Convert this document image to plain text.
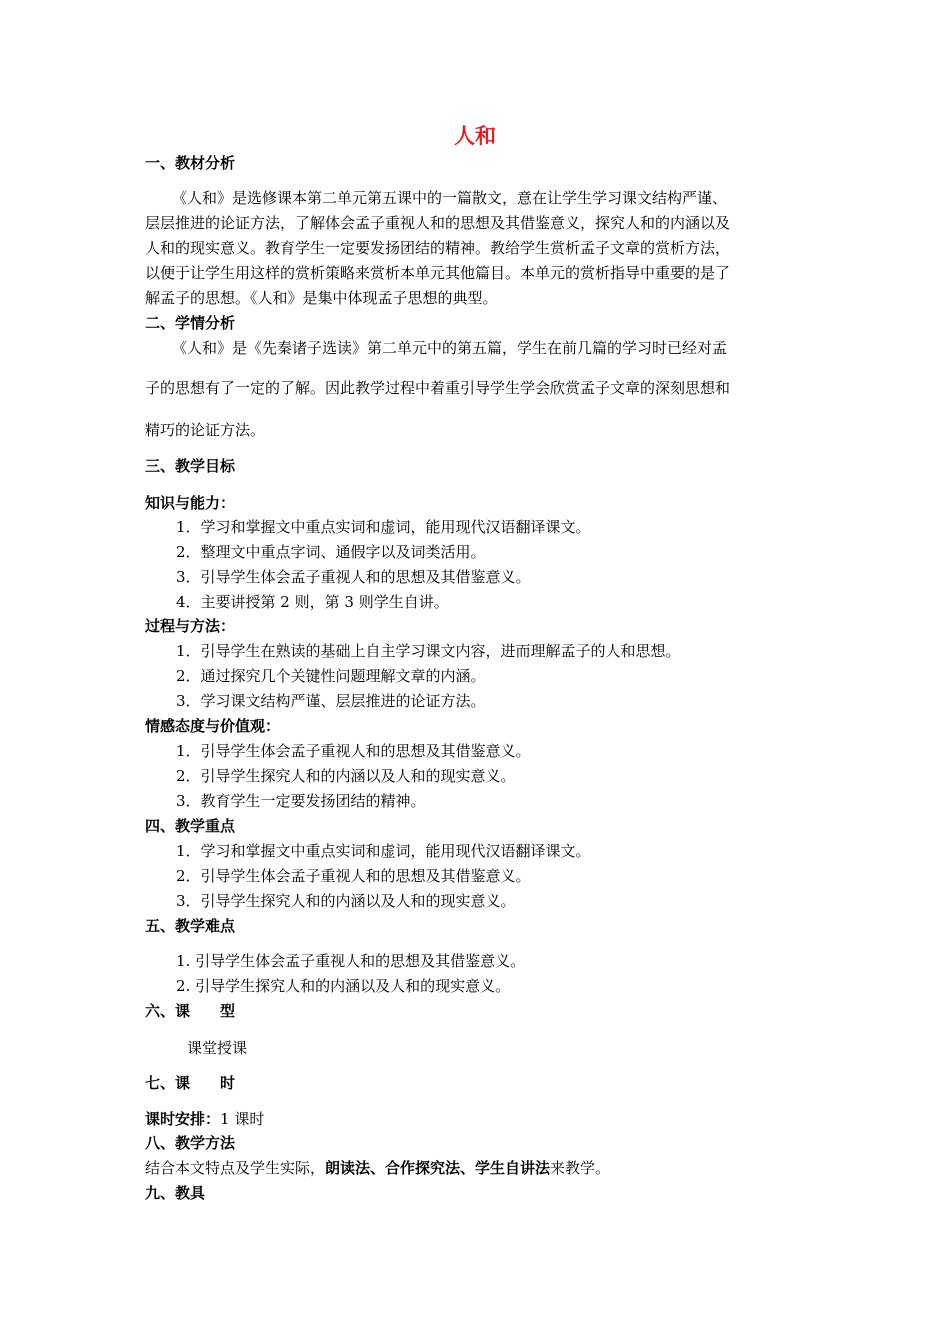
人和
一、教材分析
《人和》是选修课本第二单元第五课中的一篇散文，意在让学生学习课文结构严谨、
层层推进的论证方法，了解体会孟子重视人和的思想及其借鉴意义，探究人和的内涵以及
人和的现实意义。教育学生一定要发扬团结的精神。教给学生赏析孟子文章的赏析方法，
以便于让学生用这样的赏析策略来赏析本单元其他篇目。本单元的赏析指导中重要的是了
解孟子的思想。《人和》是集中体现孟子思想的典型。
二、学情分析
《人和》是《先秦诸子选读》第二单元中的第五篇，学生在前几篇的学习时已经对孟
子的思想有了一定的了解。因此教学过程中着重引导学生学会欣赏孟子文章的深刻思想和
精巧的论证方法。
三、教学目标
知识与能力：
1．学习和掌握文中重点实词和虚词，能用现代汉语翻译课文。
2．整理文中重点字词、通假字以及词类活用。
3．引导学生体会孟子重视人和的思想及其借鉴意义。
4．主要讲授第 2 则，第 3 则学生自讲。
过程与方法：
1．引导学生在熟读的基础上自主学习课文内容，进而理解孟子的人和思想。
2．通过探究几个关键性问题理解文章的内涵。
3．学习课文结构严谨、层层推进的论证方法。
情感态度与价值观：
1．引导学生体会孟子重视人和的思想及其借鉴意义。
2．引导学生探究人和的内涵以及人和的现实意义。
3．教育学生一定要发扬团结的精神。
四、教学重点
1．学习和掌握文中重点实词和虚词，能用现代汉语翻译课文。
2．引导学生体会孟子重视人和的思想及其借鉴意义。
3．引导学生探究人和的内涵以及人和的现实意义。
五、教学难点
1. 引导学生体会孟子重视人和的思想及其借鉴意义。
2. 引导学生探究人和的内涵以及人和的现实意义。
六、课　　型
课堂授课
七、课　　时
课时安排：1 课时
八、教学方法
结合本文特点及学生实际，朗读法、合作探究法、学生自讲法来教学。
九、教具
